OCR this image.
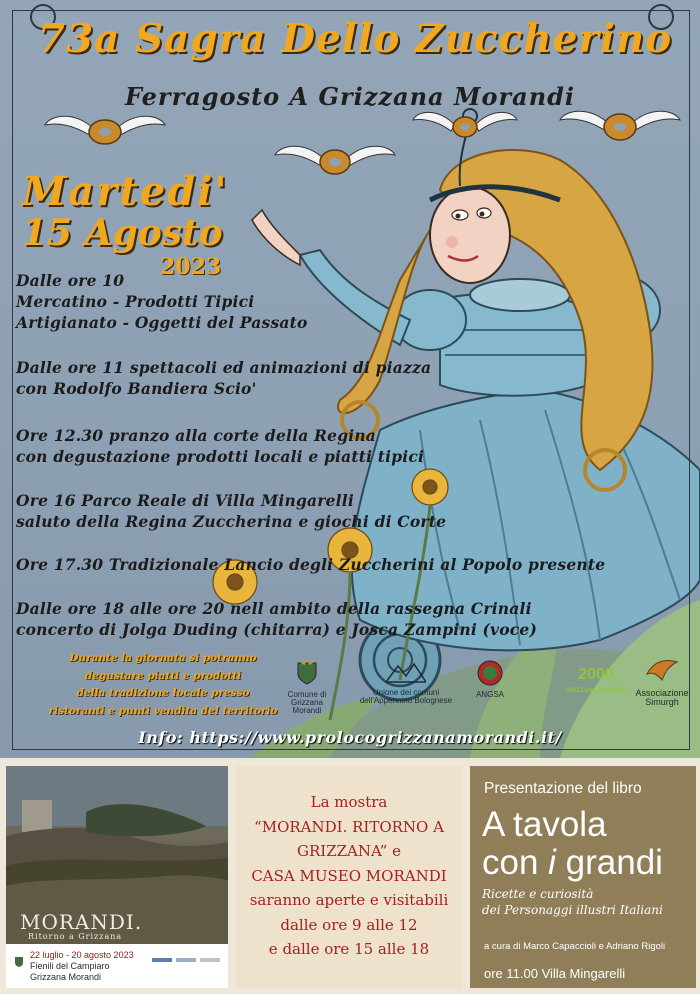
73a Sagra Dello Zuccherino
Ferragosto A Grizzana Morandi
Martedi'
15 Agosto
2023
Dalle ore 10
Mercatino - Prodotti Tipici
Artigianato - Oggetti del Passato
Dalle ore 11 spettacoli ed animazioni di piazza
con Rodolfo Bandiera Scio'
Ore 12.30 pranzo alla corte della Regina
con degustazione prodotti locali e piatti tipici
Ore 16 Parco Reale di Villa Mingarelli
saluto della Regina Zuccherina e giochi di Corte
Ore 17.30 Tradizionale Lancio degli Zuccherini al Popolo presente
Dalle ore 18 alle ore 20 nell ambito della rassegna Crinali
concerto di Jolga Duding (chitarra) e Josca Zampini (voce)
Durante la giornata si potranno
degustare piatti e prodotti
della tradizione locale presso
ristoranti e punti vendita del territorio
Comune di
Grizzana
Morandi
Unione dei comuni
dell'Appennino Bolognese
ANGSA
2000
GRIZZANA MORANDI Associazione
Simurgh
Info: https://www.prolocogrizzanamorandi.it/
MORANDI.
Ritorno a Grizzana
22 luglio - 20 agosto 2023
Fienili del Campiaro
Grizzana Morandi
La mostra
“MORANDI. RITORNO A
GRIZZANA” e
CASA MUSEO MORANDI
saranno aperte e visitabili
dalle ore 9 alle 12
e dalle ore 15 alle 18
Presentazione del libro
A tavola
con i grandi
Ricette e curiosità
dei Personaggi illustri Italiani
a cura di Marco Capaccioli e Adriano Rigoli
ore 11.00 Villa Mingarelli
